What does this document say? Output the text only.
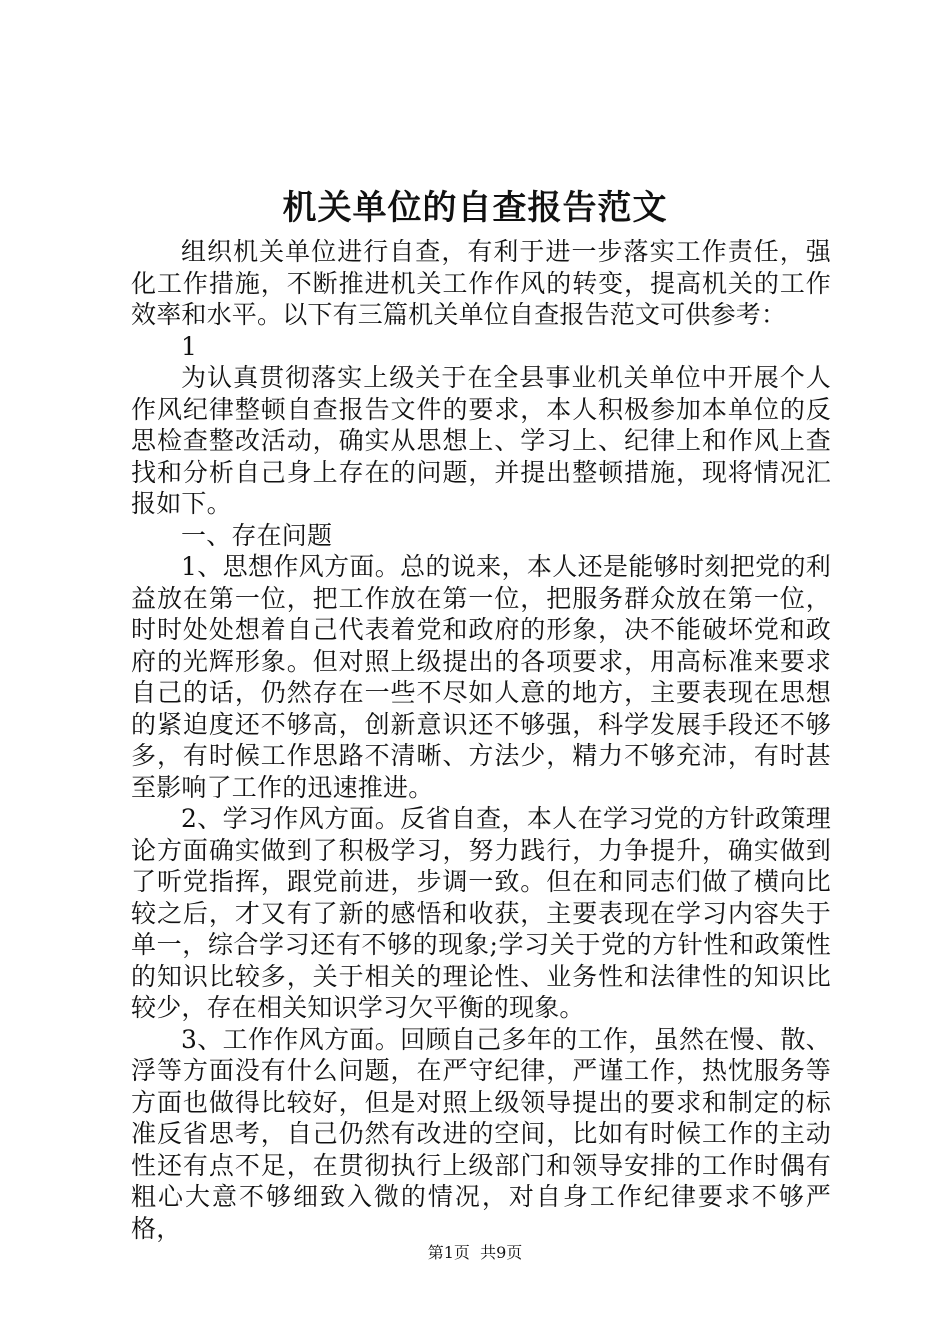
机关单位的自查报告范文

组织机关单位进行自查，有利于进一步落实工作责任，强化工作措施，不断推进机关工作作风的转变，提高机关的工作效率和水平。以下有三篇机关单位自查报告范文可供参考：

1

为认真贯彻落实上级关于在全县事业机关单位中开展个人作风纪律整顿自查报告文件的要求，本人积极参加本单位的反思检查整改活动，确实从思想上、学习上、纪律上和作风上查找和分析自己身上存在的问题，并提出整顿措施，现将情况汇报如下。

一、存在问题

1、思想作风方面。总的说来，本人还是能够时刻把党的利益放在第一位，把工作放在第一位，把服务群众放在第一位，时时处处想着自己代表着党和政府的形象，决不能破坏党和政府的光辉形象。但对照上级提出的各项要求，用高标准来要求自己的话，仍然存在一些不尽如人意的地方，主要表现在思想的紧迫度还不够高，创新意识还不够强，科学发展手段还不够多，有时候工作思路不清晰、方法少，精力不够充沛，有时甚至影响了工作的迅速推进。

2、学习作风方面。反省自查，本人在学习党的方针政策理论方面确实做到了积极学习，努力践行，力争提升，确实做到了听党指挥，跟党前进，步调一致。但在和同志们做了横向比较之后，才又有了新的感悟和收获，主要表现在学习内容失于单一，综合学习还有不够的现象;学习关于党的方针性和政策性的知识比较多，关于相关的理论性、业务性和法律性的知识比较少，存在相关知识学习欠平衡的现象。

3、工作作风方面。回顾自己多年的工作，虽然在慢、散、浮等方面没有什么问题，在严守纪律，严谨工作，热忱服务等方面也做得比较好，但是对照上级领导提出的要求和制定的标准反省思考，自己仍然有改进的空间，比如有时候工作的主动性还有点不足，在贯彻执行上级部门和领导安排的工作时偶有粗心大意不够细致入微的情况，对自身工作纪律要求不够严格，

第1页 共9页
